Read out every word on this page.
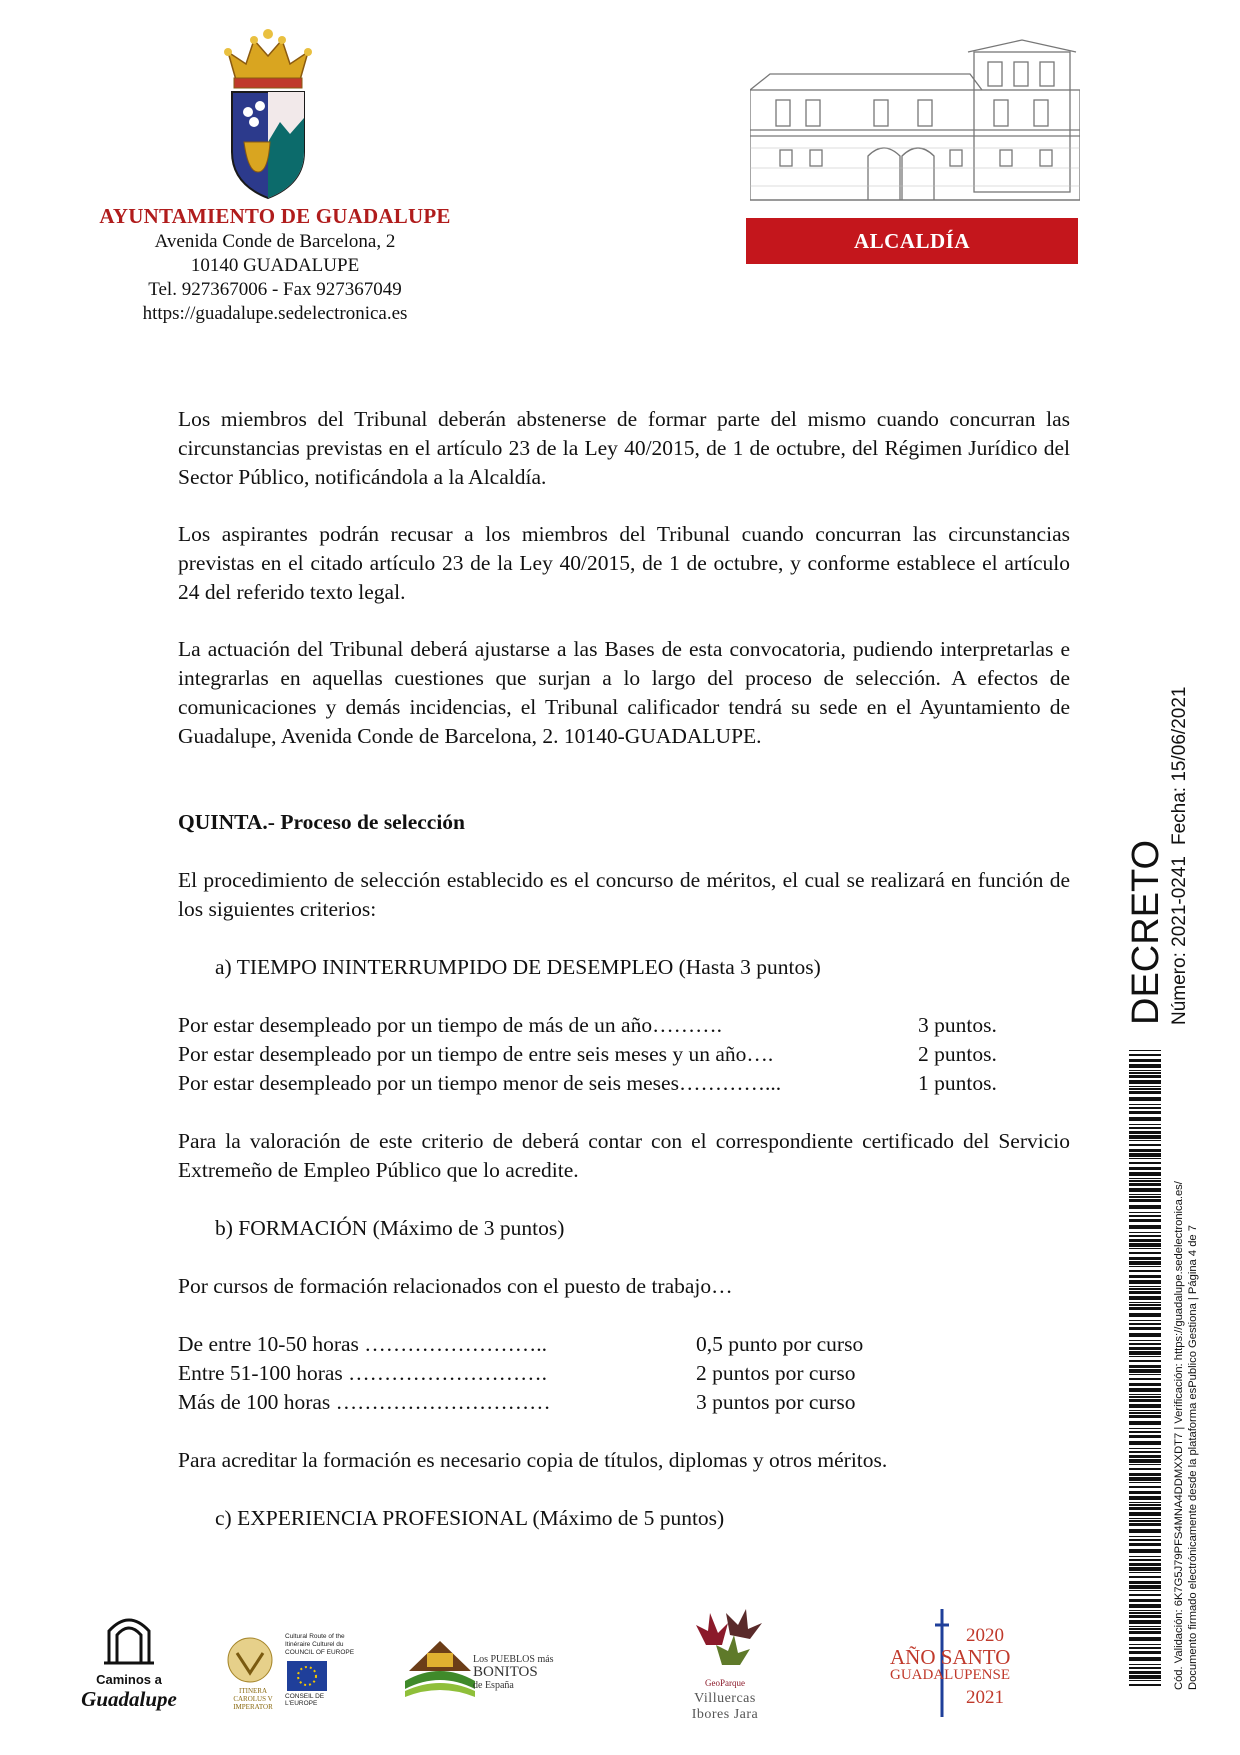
AYUNTAMIENTO DE GUADALUPE
Avenida Conde de Barcelona, 2
10140 GUADALUPE
Tel. 927367006 - Fax 927367049
https://guadalupe.sedelectronica.es
ALCALDÍA
Los miembros del Tribunal deberán abstenerse de formar parte del mismo cuando concurran las circunstancias previstas en el artículo 23 de la Ley 40/2015, de 1 de octubre, del Régimen Jurídico del Sector Público, notificándola a la Alcaldía.
Los aspirantes podrán recusar a los miembros del Tribunal cuando concurran las circunstancias previstas en el citado artículo 23 de la Ley 40/2015, de 1 de octubre, y conforme establece el artículo 24 del referido texto legal.
La actuación del Tribunal deberá ajustarse a las Bases de esta convocatoria, pudiendo interpretarlas e integrarlas en aquellas cuestiones que surjan a lo largo del proceso de selección. A efectos de comunicaciones y demás incidencias, el Tribunal calificador tendrá su sede en el Ayuntamiento de Guadalupe, Avenida Conde de Barcelona, 2. 10140-GUADALUPE.
QUINTA.- Proceso de selección
El procedimiento de selección establecido es el concurso de méritos, el cual se realizará en función de los siguientes criterios:
a) TIEMPO ININTERRUMPIDO DE DESEMPLEO (Hasta 3 puntos)
Por estar desempleado por un tiempo de más de un año……….	3 puntos.
Por estar desempleado por un tiempo de entre seis meses y un año….	2 puntos.
Por estar desempleado por un tiempo menor de seis meses…………...	1 puntos.
Para la valoración de este criterio de deberá contar con el correspondiente certificado del Servicio Extremeño de Empleo Público que lo acredite.
b) FORMACIÓN (Máximo de 3 puntos)
Por cursos de formación relacionados con el puesto de trabajo…
De entre 10-50 horas ……………………..	0,5 punto por curso
Entre 51-100 horas ……………………….	2 puntos por curso
Más de 100 horas …………………………	3 puntos por curso
Para acreditar la formación es necesario copia de títulos, diplomas y otros méritos.
c) EXPERIENCIA PROFESIONAL (Máximo de 5 puntos)
DECRETO Número: 2021-0241
Fecha: 15/06/2021
Cód. Validación: 6K7G5J79PFS4MNA4DDMXXDT7 | Verificación: https://guadalupe.sedelectronica.es/ Documento firmado electrónicamente desde la plataforma esPublico Gestiona | Página 4 de 7
Caminos a
Guadalupe	ITINERA
CAROLUS V
IMPERATOR
Cultural Route of the
Itinéraire Culturel du
COUNCIL OF EUROPE
CONSEIL DE L'EUROPE
Los PUEBLOS más
BONITOS
de España	GeoParque
Villuercas
Ibores Jara
2020
AÑO SANTO
GUADALUPENSE
2021
